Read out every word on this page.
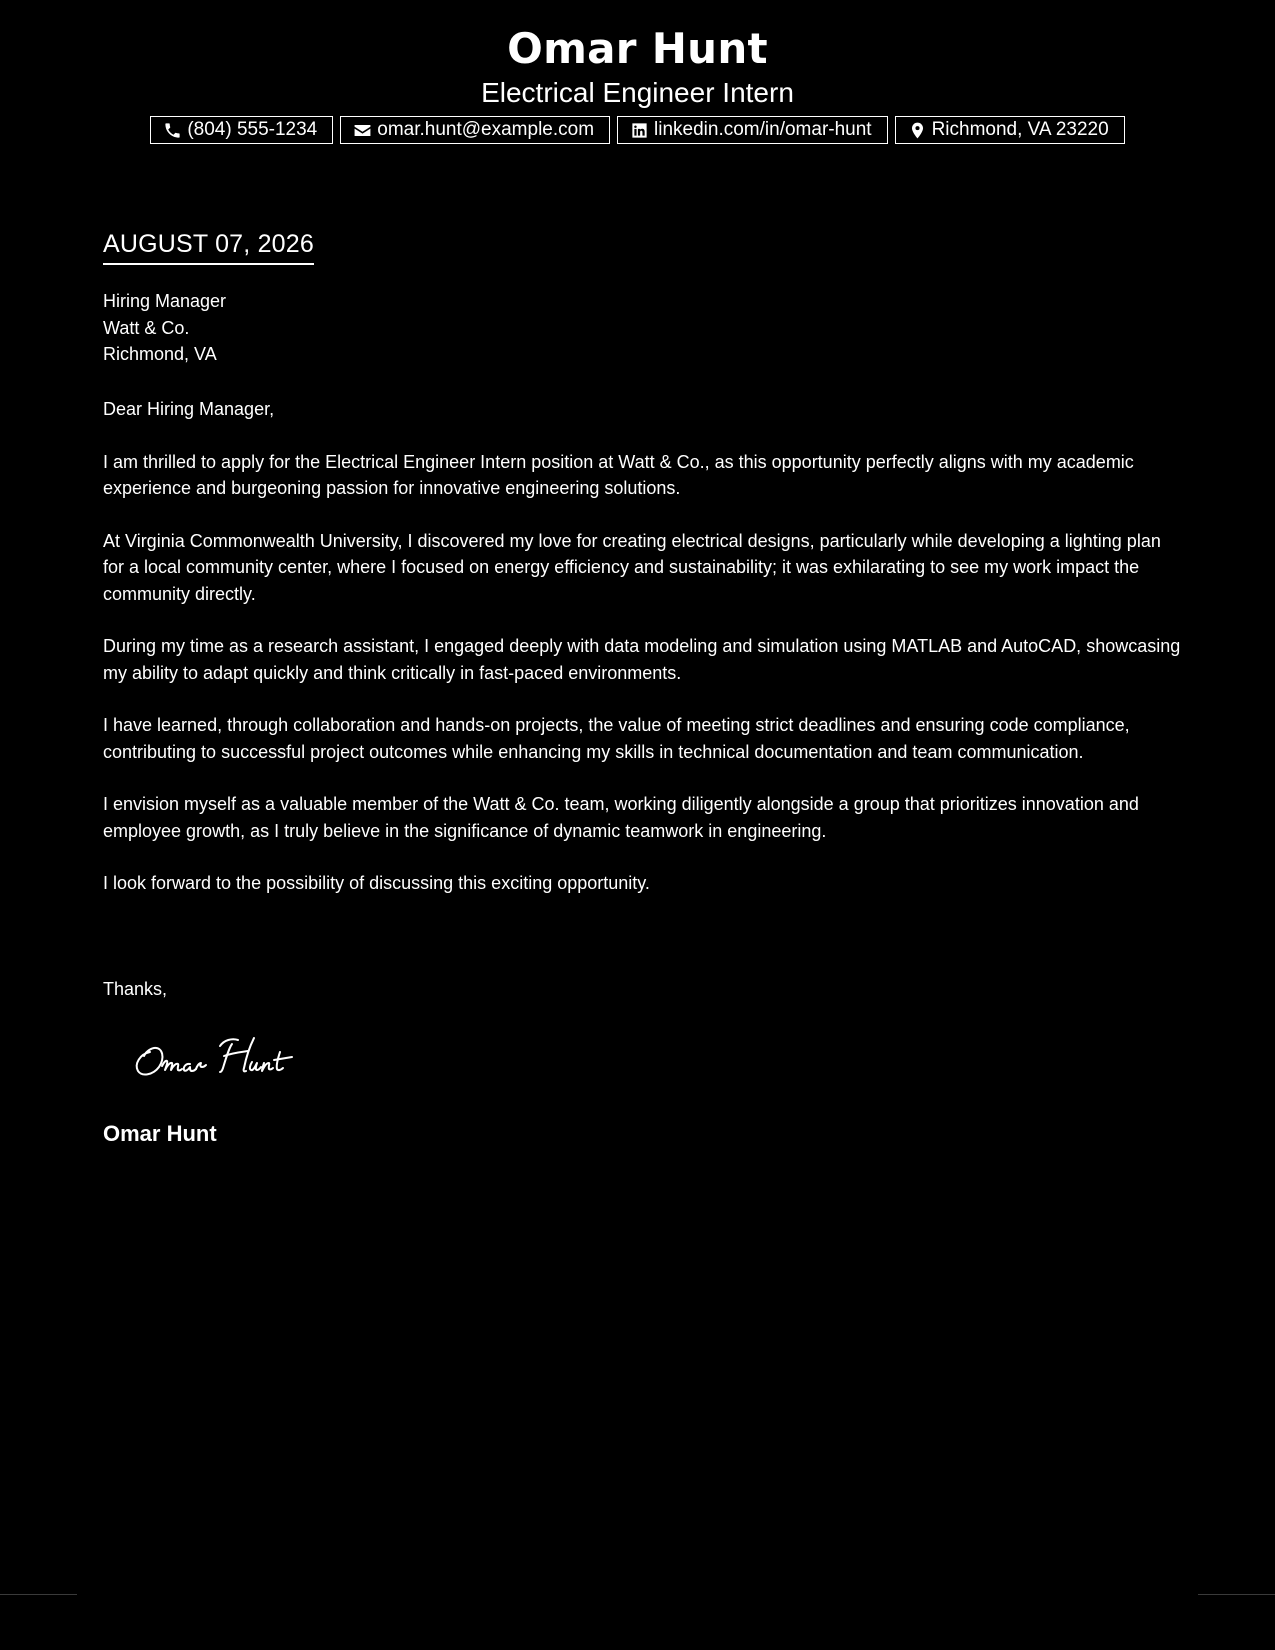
Omar Hunt
Electrical Engineer Intern
(804) 555-1234	omar.hunt@example.com	linkedin.com/in/omar-hunt	Richmond, VA 23220
AUGUST 07, 2026
Hiring Manager
Watt & Co.
Richmond, VA

Dear Hiring Manager,

I am thrilled to apply for the Electrical Engineer Intern position at Watt & Co., as this opportunity perfectly aligns with my academic experience and burgeoning passion for innovative engineering solutions.

At Virginia Commonwealth University, I discovered my love for creating electrical designs, particularly while developing a lighting plan for a local community center, where I focused on energy efficiency and sustainability; it was exhilarating to see my work impact the community directly.

During my time as a research assistant, I engaged deeply with data modeling and simulation using MATLAB and AutoCAD, showcasing my ability to adapt quickly and think critically in fast-paced environments.

I have learned, through collaboration and hands-on projects, the value of meeting strict deadlines and ensuring code compliance, contributing to successful project outcomes while enhancing my skills in technical documentation and team communication.

I envision myself as a valuable member of the Watt & Co. team, working diligently alongside a group that prioritizes innovation and employee growth, as I truly believe in the significance of dynamic teamwork in engineering.

I look forward to the possibility of discussing this exciting opportunity.

Thanks,
Omar Hunt
